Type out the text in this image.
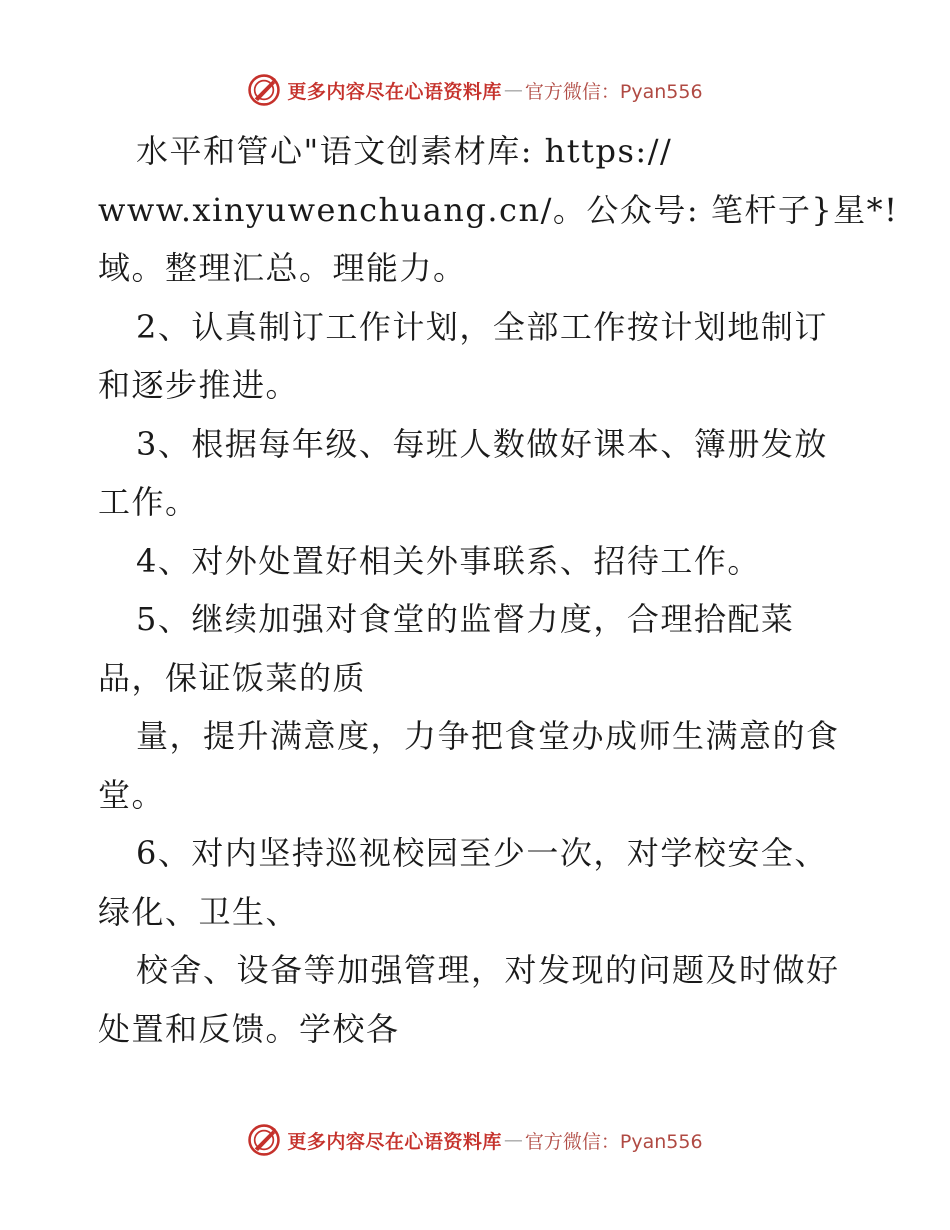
更多内容尽在心语资料库 — 官方微信：Pyan556
水平和管心"语文创素材库: https://
www.xinyuwenchuang.cn/。公众号: 笔杆子}星*!
域。整理汇总。理能力。
2、认真制订工作计划，全部工作按计划地制订
和逐步推进。
3、根据每年级、每班人数做好课本、簿册发放
工作。
4、对外处置好相关外事联系、招待工作。
5、继续加强对食堂的监督力度，合理拾配菜
品，保证饭菜的质
量，提升满意度，力争把食堂办成师生满意的食
堂。
6、对内坚持巡视校园至少一次，对学校安全、
绿化、卫生、
校舍、设备等加强管理，对发现的问题及时做好
处置和反馈。学校各
更多内容尽在心语资料库 — 官方微信：Pyan556
